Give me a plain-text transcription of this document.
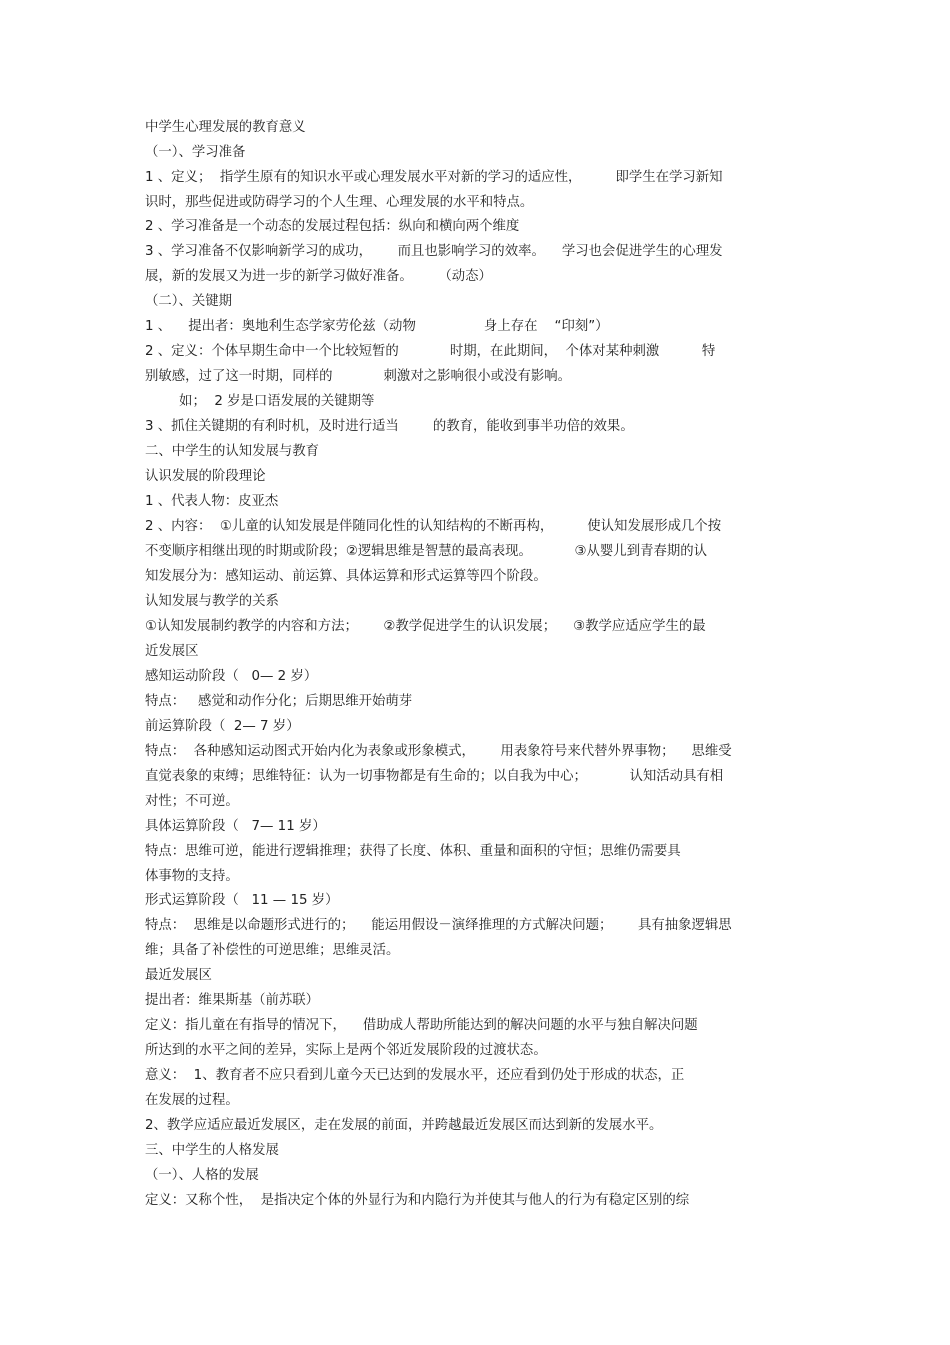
中学生心理发展的教育意义
（一）、学习准备
1 、定义；  指学生原有的知识水平或心理发展水平对新的学习的适应性，        即学生在学习新知
识时，那些促进或防碍学习的个人生理、心理发展的水平和特点。
2 、学习准备是一个动态的发展过程包括：纵向和横向两个维度
3 、学习准备不仅影响新学习的成功，      而且也影响学习的效率。    学习也会促进学生的心理发
展，新的发展又为进一步的新学习做好准备。      （动态）
（二）、关键期
1 、    提出者：奥地利生态学家劳伦兹（动物                身上存在    “印刻”）
2 、定义：个体早期生命中一个比较短暂的            时期，在此期间，  个体对某种刺激          特
别敏感，过了这一时期，同样的            刺激对之影响很小或没有影响。
如；  2 岁是口语发展的关键期等
3 、抓住关键期的有利时机，及时进行适当        的教育，能收到事半功倍的效果。
二、中学生的认知发展与教育
认识发展的阶段理论
1 、代表人物：皮亚杰
2 、内容：  ①儿童的认知发展是伴随同化性的认知结构的不断再构，        使认知发展形成几个按
不变顺序相继出现的时期或阶段；②逻辑思维是智慧的最高表现。          ③从婴儿到青春期的认
知发展分为：感知运动、前运算、具体运算和形式运算等四个阶段。
认知发展与教学的关系
①认知发展制约教学的内容和方法；      ②教学促进学生的认识发展；    ③教学应适应学生的最
近发展区
感知运动阶段（   0— 2 岁）
特点：   感觉和动作分化；后期思维开始萌芽
前运算阶段（  2— 7 岁）
特点：  各种感知运动图式开始内化为表象或形象模式，      用表象符号来代替外界事物；    思维受
直觉表象的束缚；思维特征：认为一切事物都是有生命的；以自我为中心；          认知活动具有相
对性；不可逆。
具体运算阶段（   7— 11 岁）
特点：思维可逆，能进行逻辑推理；获得了长度、体积、重量和面积的守恒；思维仍需要具
体事物的支持。
形式运算阶段（   11 — 15 岁）
特点：  思维是以命题形式进行的；    能运用假设－演绎推理的方式解决问题；      具有抽象逻辑思
维；具备了补偿性的可逆思维；思维灵活。
最近发展区
提出者：维果斯基（前苏联）
定义：指儿童在有指导的情况下，    借助成人帮助所能达到的解决问题的水平与独自解决问题
所达到的水平之间的差异，实际上是两个邻近发展阶段的过渡状态。
意义：  1、教育者不应只看到儿童今天已达到的发展水平，还应看到仍处于形成的状态，正
在发展的过程。
2、教学应适应最近发展区，走在发展的前面，并跨越最近发展区而达到新的发展水平。
三、中学生的人格发展
（一）、人格的发展
定义：又称个性，  是指决定个体的外显行为和内隐行为并使其与他人的行为有稳定区别的综
